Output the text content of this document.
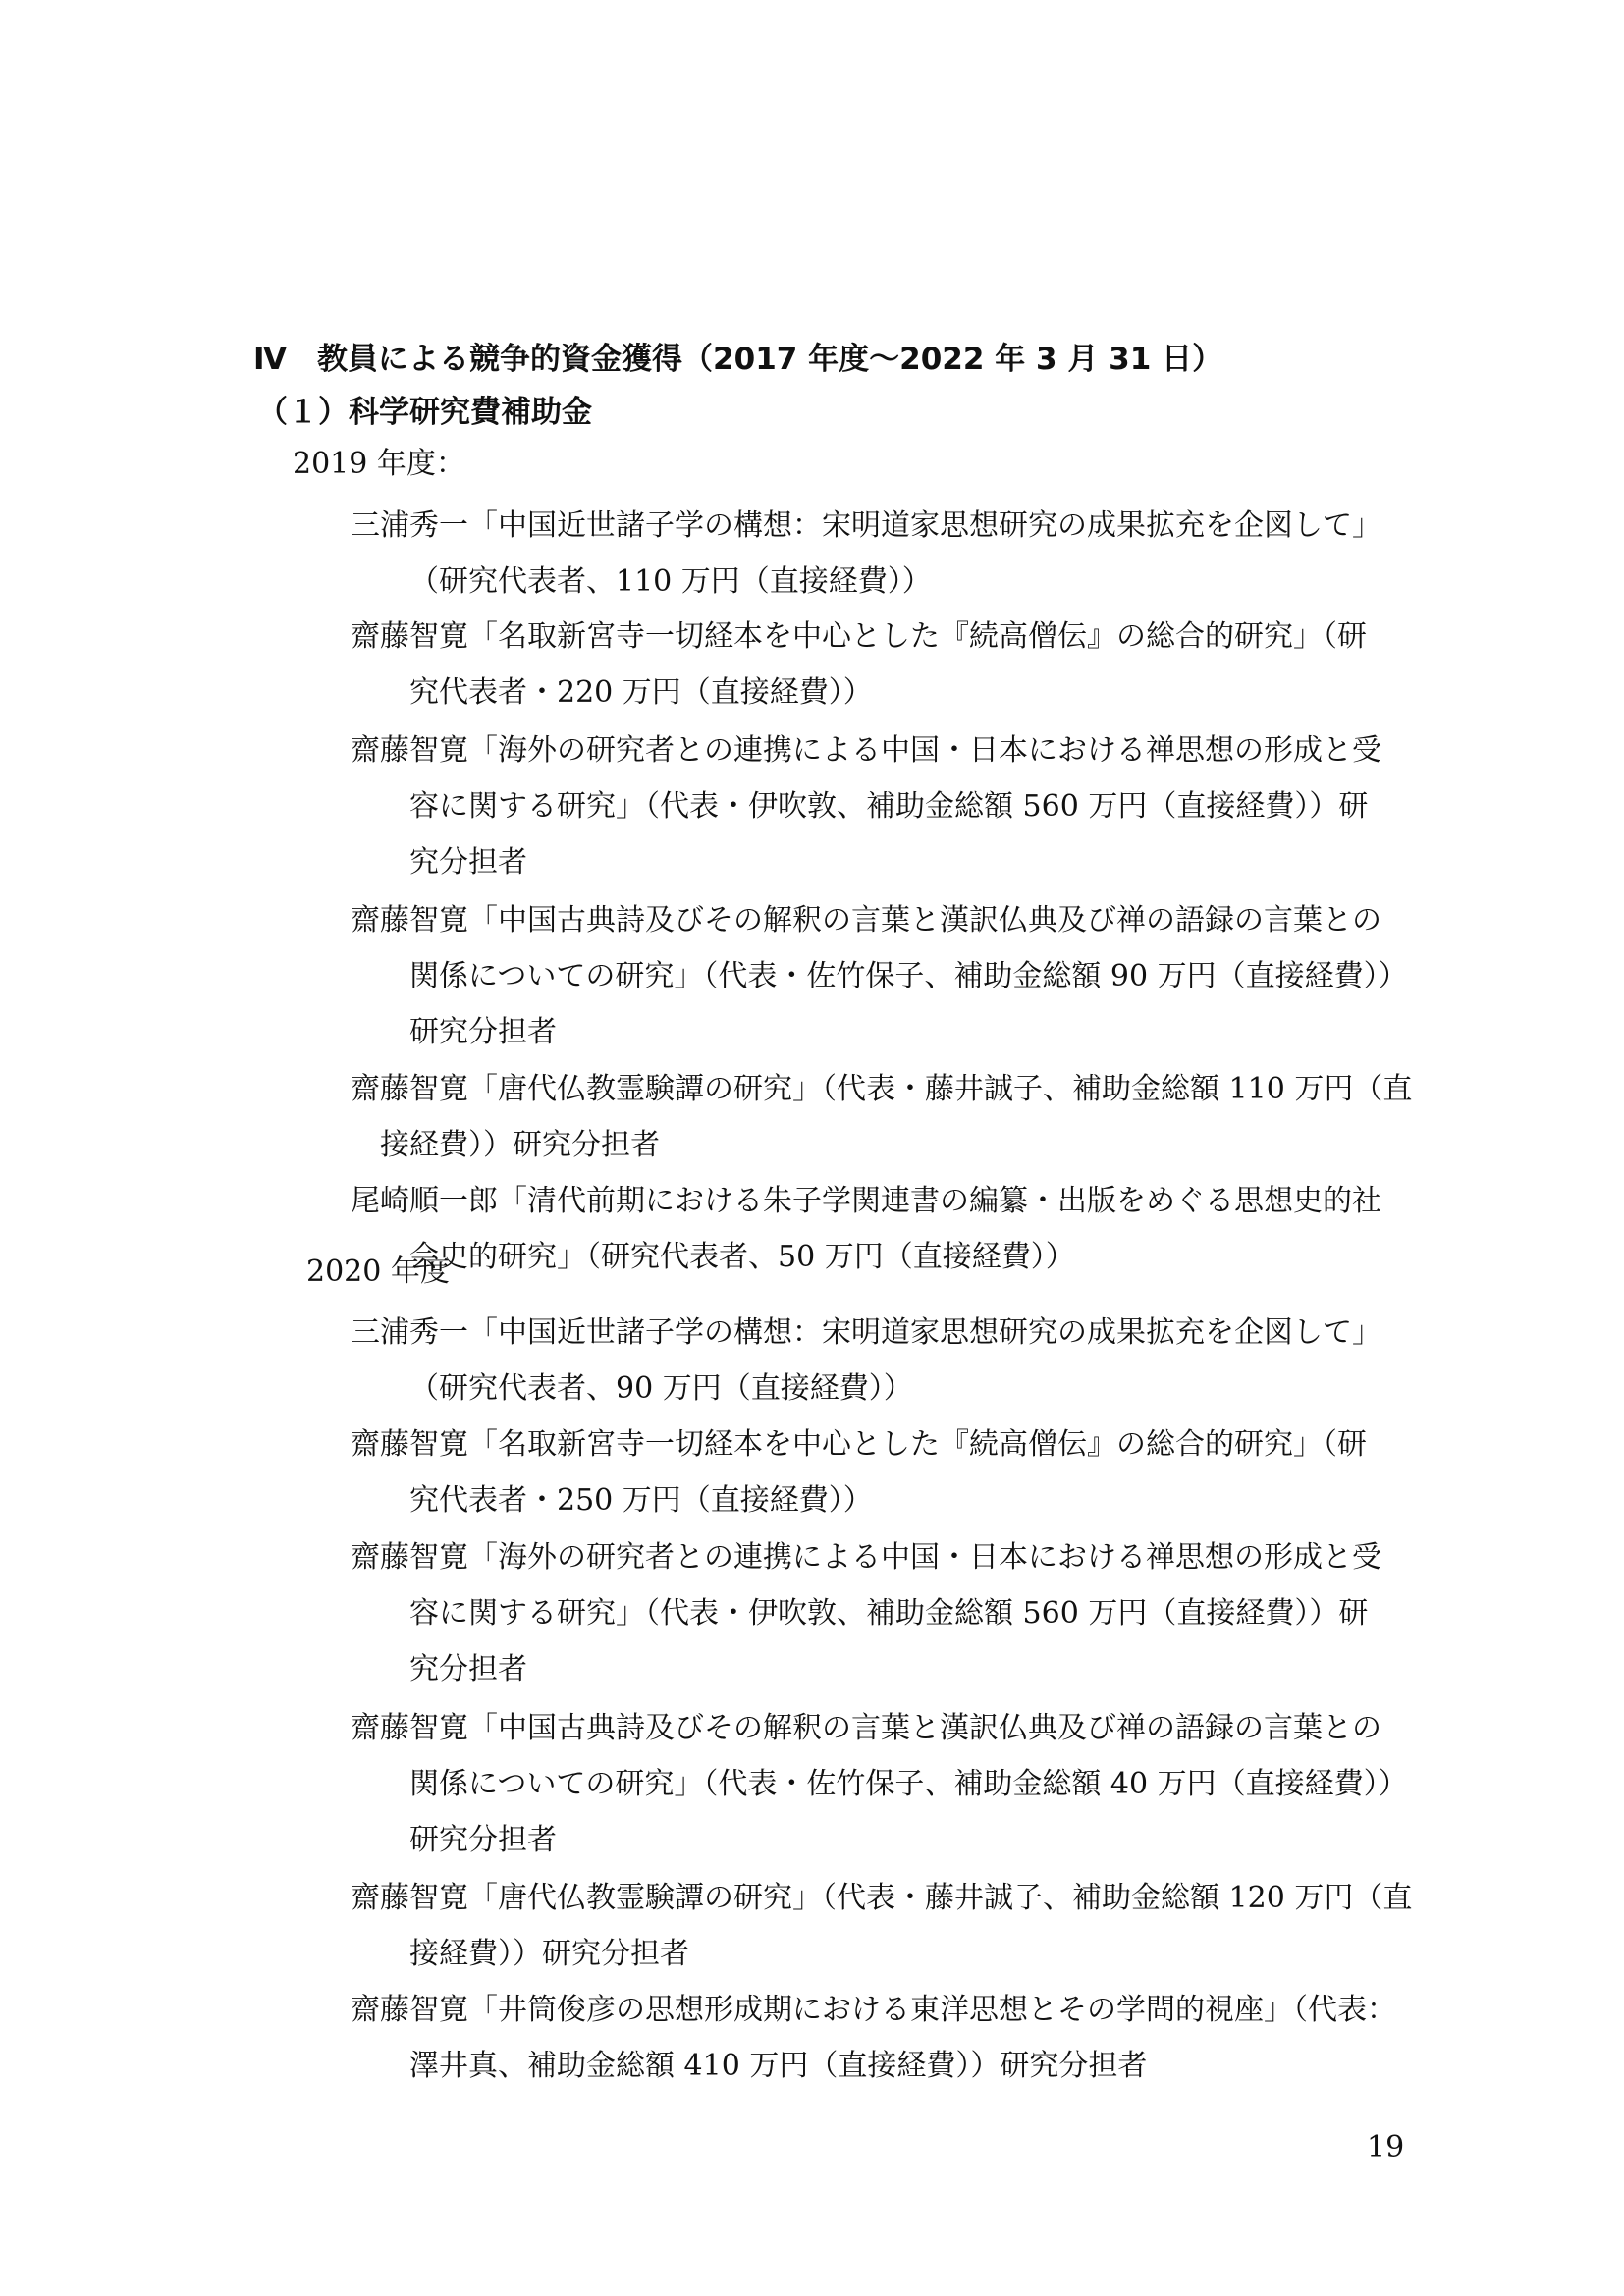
Ⅳ　教員による競争的資金獲得（2017 年度～2022 年 3 月 31 日）
（１）科学研究費補助金
2019 年度：
三浦秀一「中国近世諸子学の構想：宋明道家思想研究の成果拡充を企図して」
（研究代表者、110 万円（直接経費））
齋藤智寛「名取新宮寺一切経本を中心とした『続高僧伝』の総合的研究」（研
究代表者・220 万円（直接経費））
齋藤智寛「海外の研究者との連携による中国・日本における禅思想の形成と受
容に関する研究」（代表・伊吹敦、補助金総額 560 万円（直接経費））研
究分担者
齋藤智寛「中国古典詩及びその解釈の言葉と漢訳仏典及び禅の語録の言葉との
関係についての研究」（代表・佐竹保子、補助金総額 90 万円（直接経費））
研究分担者
齋藤智寛「唐代仏教霊験譚の研究」（代表・藤井誠子、補助金総額 110 万円（直
接経費））研究分担者
尾崎順一郎「清代前期における朱子学関連書の編纂・出版をめぐる思想史的社
会史的研究」（研究代表者、50 万円（直接経費））
2020 年度
三浦秀一「中国近世諸子学の構想：宋明道家思想研究の成果拡充を企図して」
（研究代表者、90 万円（直接経費））
齋藤智寛「名取新宮寺一切経本を中心とした『続高僧伝』の総合的研究」（研
究代表者・250 万円（直接経費））
齋藤智寛「海外の研究者との連携による中国・日本における禅思想の形成と受
容に関する研究」（代表・伊吹敦、補助金総額 560 万円（直接経費））研
究分担者
齋藤智寛「中国古典詩及びその解釈の言葉と漢訳仏典及び禅の語録の言葉との
関係についての研究」（代表・佐竹保子、補助金総額 40 万円（直接経費））
研究分担者
齋藤智寛「唐代仏教霊験譚の研究」（代表・藤井誠子、補助金総額 120 万円（直
接経費））研究分担者
齋藤智寛「井筒俊彦の思想形成期における東洋思想とその学問的視座」（代表：
澤井真、補助金総額 410 万円（直接経費））研究分担者
19
